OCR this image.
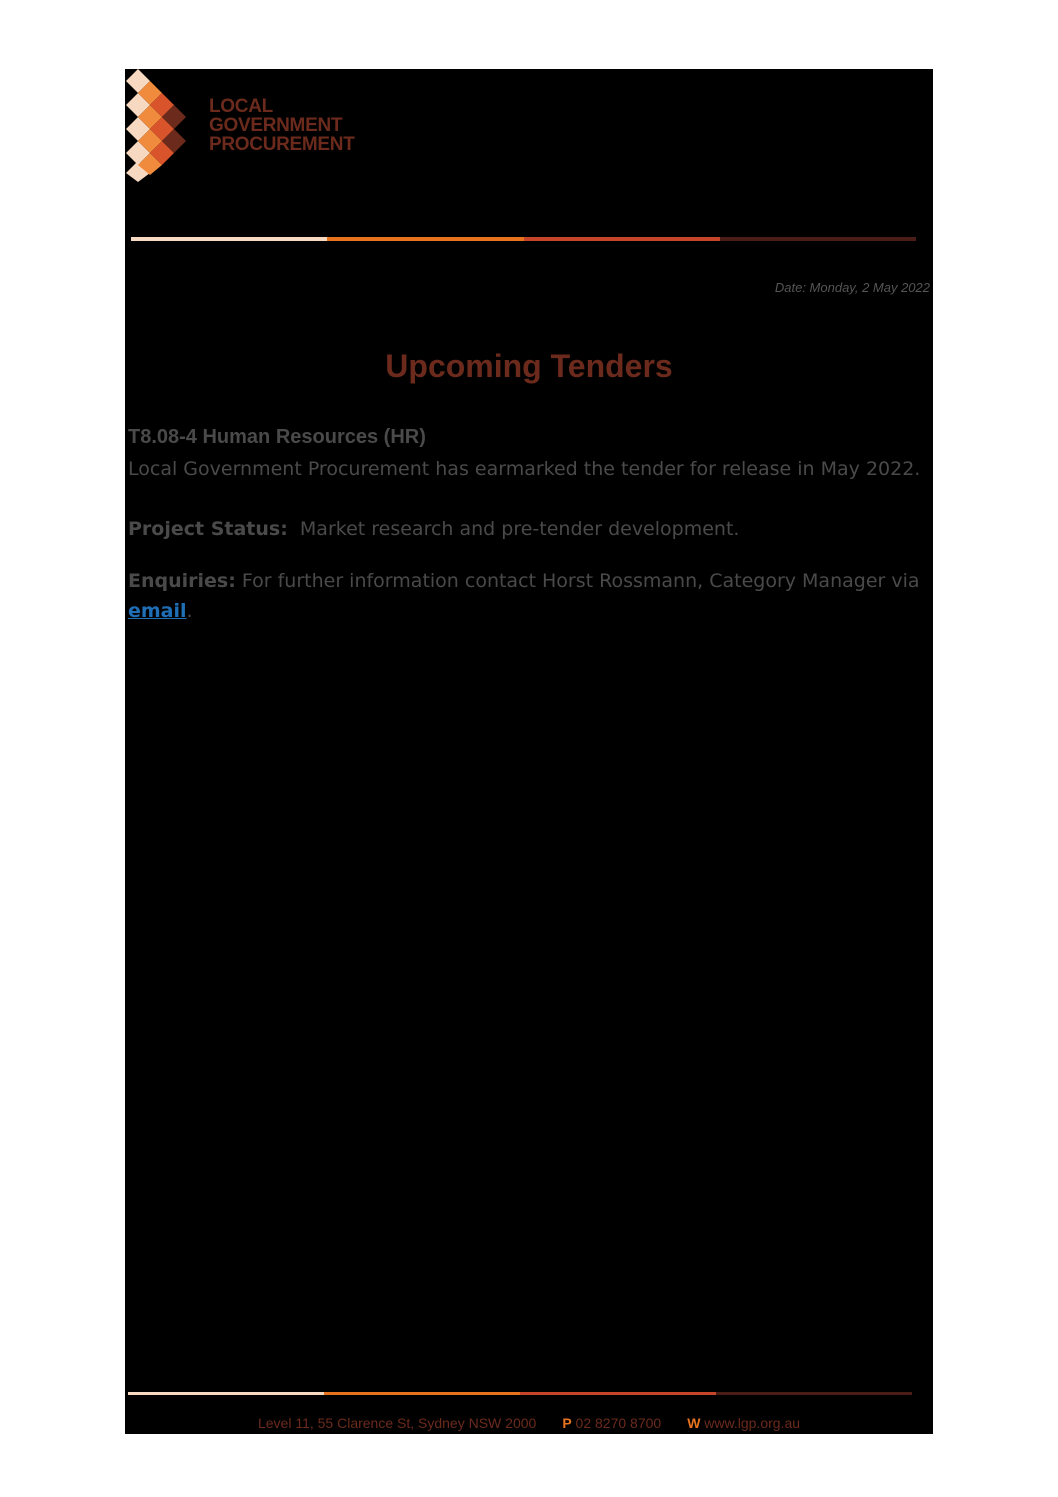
LOCAL
GOVERNMENT
PROCUREMENT
Date: Monday, 2 May 2022
Upcoming Tenders
T8.08-4 Human Resources (HR)
Local Government Procurement has earmarked the tender for release in May 2022.
Project Status: Market research and pre-tender development.
Enquiries: For further information contact Horst Rossmann, Category Manager via email.
Level 11, 55 Clarence St, Sydney NSW 2000 P 02 8270 8700 W www.lgp.org.au
